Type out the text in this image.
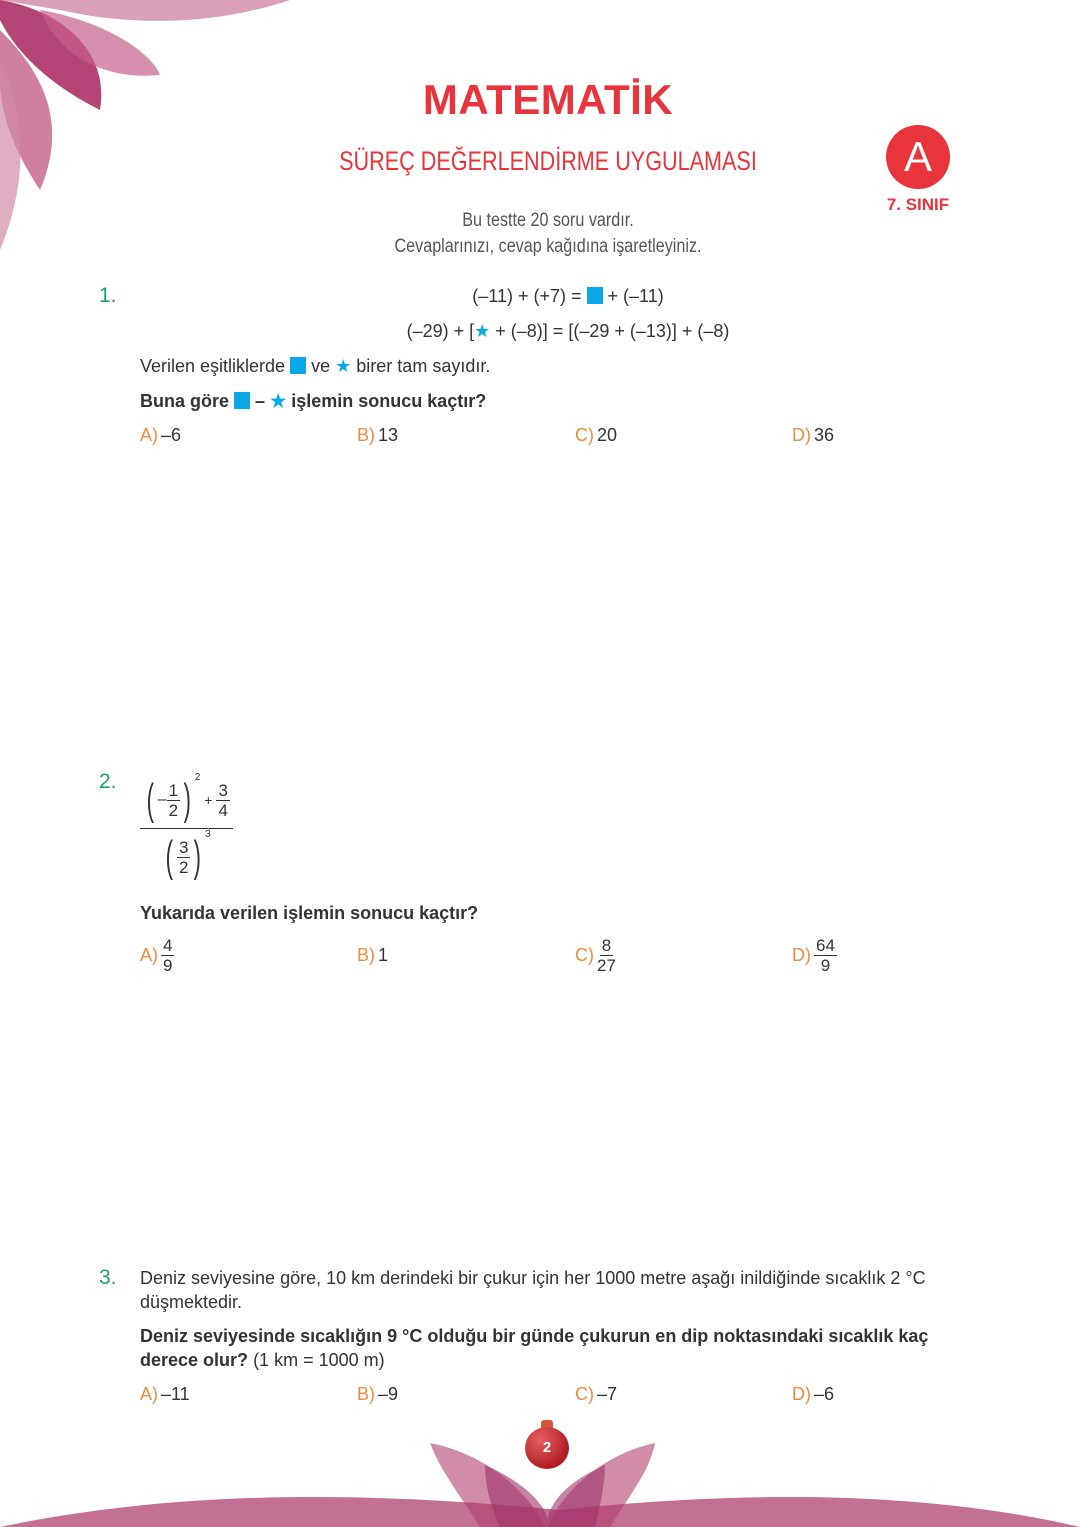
2
MATEMATİK
SÜREÇ DEĞERLENDİRME UYGULAMASI	A
7. SINIF
Bu testte 20 soru vardır.
Cevaplarınızı, cevap kağıdına işaretleyiniz.
1.	(–11) + (+7) = + (–11)
(–29) + [★ + (–8)] = [(–29 + (–13)] + (–8)
Verilen eşitliklerde ve ★ birer tam sayıdır.
Buna göre – ★ işlemin sonucu kaçtır?
A) –6	B) 13	C) 20	D) 36
2. ( – $\frac{1}{2}$ ) 2
+ $\frac{3}{4}$
( $\frac{3}{2}$ ) 3
Yukarıda verilen işlemin sonucu kaçtır?
$A) \frac{4}{9}$	B) 1	$C) \frac{8}{27}$	$D) \frac{64}{9}$
3. Deniz seviyesine göre, 10 km derindeki bir çukur için her 1000 metre aşağı inildiğinde sıcaklık 2 °C
düşmektedir.
Deniz seviyesinde sıcaklığın 9 °C olduğu bir günde çukurun en dip noktasındaki sıcaklık kaç
derece olur? (1 km = 1000 m)
A) –11	B) –9	C) –7	D) –6
